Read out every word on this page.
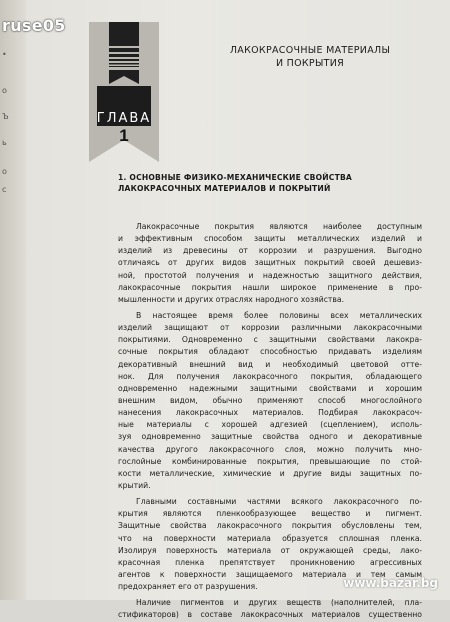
•
о
Ъ
ь
о
с
ruse05
ГЛАВА
1
ЛАКОКРАСОЧНЫЕ МАТЕРИАЛЫ
И ПОКРЫТИЯ
1. ОСНОВНЫЕ ФИЗИКО-МЕХАНИЧЕСКИЕ СВОЙСТВА
ЛАКОКРАСОЧНЫХ МАТЕРИАЛОВ И ПОКРЫТИЙ
Лакокрасочные покрытия являются наиболее доступным
и эффективным способом защиты металлических изделий и
изделий из древесины от коррозии и разрушения. Выгодно
отличаясь от других видов защитных покрытий своей дешевиз-
ной, простотой получения и надежностью защитного действия,
лакокрасочные покрытия нашли широкое применение в про-
мышленности и других отраслях народного хозяйства.
В настоящее время более половины всех металлических
изделий защищают от коррозии различными лакокрасочными
покрытиями. Одновременно с защитными свойствами лакокра-
сочные покрытия обладают способностью придавать изделиям
декоративный внешний вид и необходимый цветовой отте-
нок. Для получения лакокрасочного покрытия, обладающего
одновременно надежными защитными свойствами и хорошим
внешним видом, обычно применяют способ многослойного
нанесения лакокрасочных материалов. Подбирая лакокрасоч-
ные материалы с хорошей адгезией (сцеплением), исполь-
зуя одновременно защитные свойства одного и декоративные
качества другого лакокрасочного слоя, можно получить мно-
гослойные комбинированные покрытия, превышающие по стой-
кости металлические, химические и другие виды защитных по-
крытий.
Главными составными частями всякого лакокрасочного по-
крытия являются пленкообразующее вещество и пигмент.
Защитные свойства лакокрасочного покрытия обусловлены тем,
что на поверхности материала образуется сплошная пленка.
Изолируя поверхность материала от окружающей среды, лако-
красочная пленка препятствует проникновению агрессивных
агентов к поверхности защищаемого материала и тем самым
предохраняет его от разрушения.
Наличие пигментов и других веществ (наполнителей, пла-
стификаторов) в составе лакокрасочных материалов существенно
www.bazar.bg
